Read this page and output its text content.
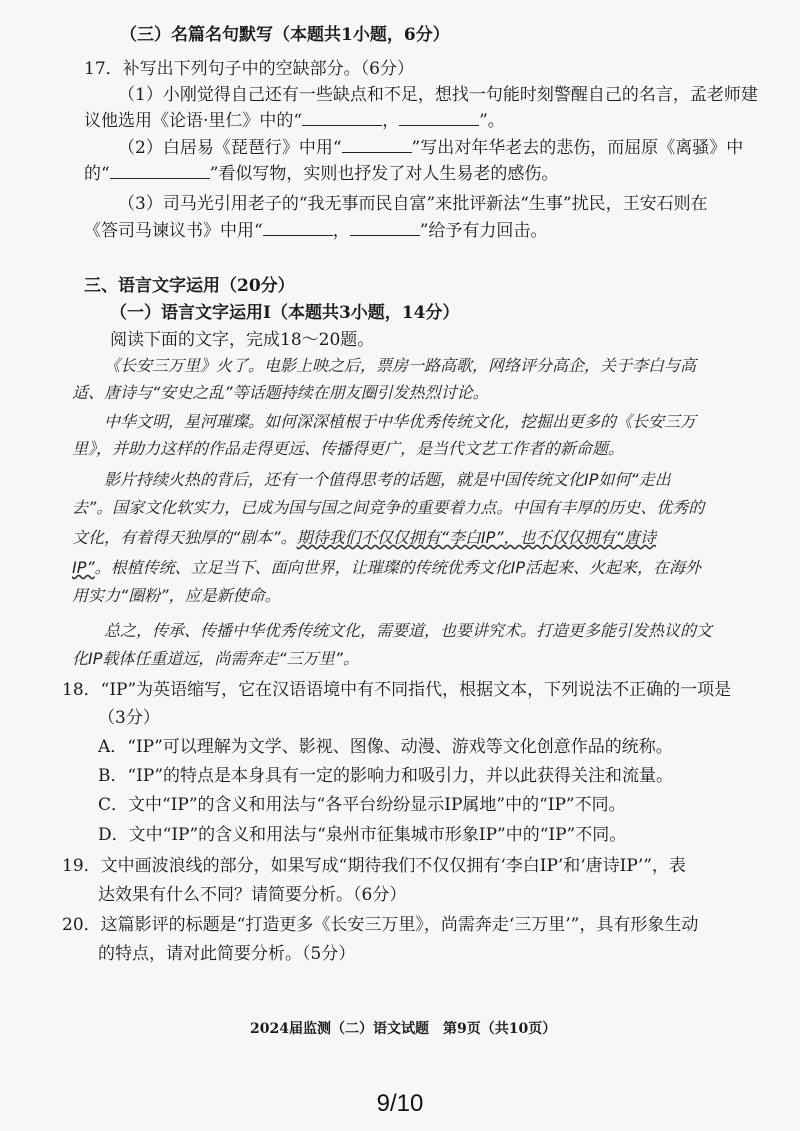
（三）名篇名句默写（本题共1小题，6分）
17．补写出下列句子中的空缺部分。（6分）
（1）小刚觉得自己还有一些缺点和不足，想找一句能时刻警醒自己的名言，孟老师建
议他选用《论语·里仁》中的“	，	”。
（2）白居易《琵琶行》中用“	”写出对年华老去的悲伤，而屈原《离骚》中
的“	”看似写物，实则也抒发了对人生易老的感伤。
（3）司马光引用老子的“我无事而民自富”来批评新法“生事”扰民，王安石则在
《答司马谏议书》中用“	，	”给予有力回击。
三、语言文字运用（20分）
（一）语言文字运用Ⅰ（本题共3小题，14分）
阅读下面的文字，完成18～20题。
《长安三万里》火了。电影上映之后，票房一路高歌，网络评分高企，关于李白与高
适、唐诗与“安史之乱”等话题持续在朋友圈引发热烈讨论。
中华文明，星河璀璨。如何深深植根于中华优秀传统文化，挖掘出更多的《长安三万
里》，并助力这样的作品走得更远、传播得更广，是当代文艺工作者的新命题。
影片持续火热的背后，还有一个值得思考的话题，就是中国传统文化IP如何“走出
去”。国家文化软实力，已成为国与国之间竞争的重要着力点。中国有丰厚的历史、优秀的
文化，有着得天独厚的“剧本”。期待我们不仅仅拥有“李白IP”，也不仅仅拥有“唐诗
IP”。根植传统、立足当下、面向世界，让璀璨的传统优秀文化IP活起来、火起来，在海外
用实力“圈粉”，应是新使命。
总之，传承、传播中华优秀传统文化，需要道，也要讲究术。打造更多能引发热议的文
化IP载体任重道远，尚需奔走“三万里”。
18．“IP”为英语缩写，它在汉语语境中有不同指代，根据文本，下列说法不正确的一项是
（3分）
A．“IP”可以理解为文学、影视、图像、动漫、游戏等文化创意作品的统称。
B．“IP”的特点是本身具有一定的影响力和吸引力，并以此获得关注和流量。
C．文中“IP”的含义和用法与“各平台纷纷显示IP属地”中的“IP”不同。
D．文中“IP”的含义和用法与“泉州市征集城市形象IP”中的“IP”不同。
19．文中画波浪线的部分，如果写成“期待我们不仅仅拥有‘李白IP’和‘唐诗IP’”，表
达效果有什么不同？请简要分析。（6分）
20．这篇影评的标题是“打造更多《长安三万里》，尚需奔走‘三万里’”，具有形象生动
的特点，请对此简要分析。（5分）
2024届监测（二）语文试题　第9页（共10页）
9/10
